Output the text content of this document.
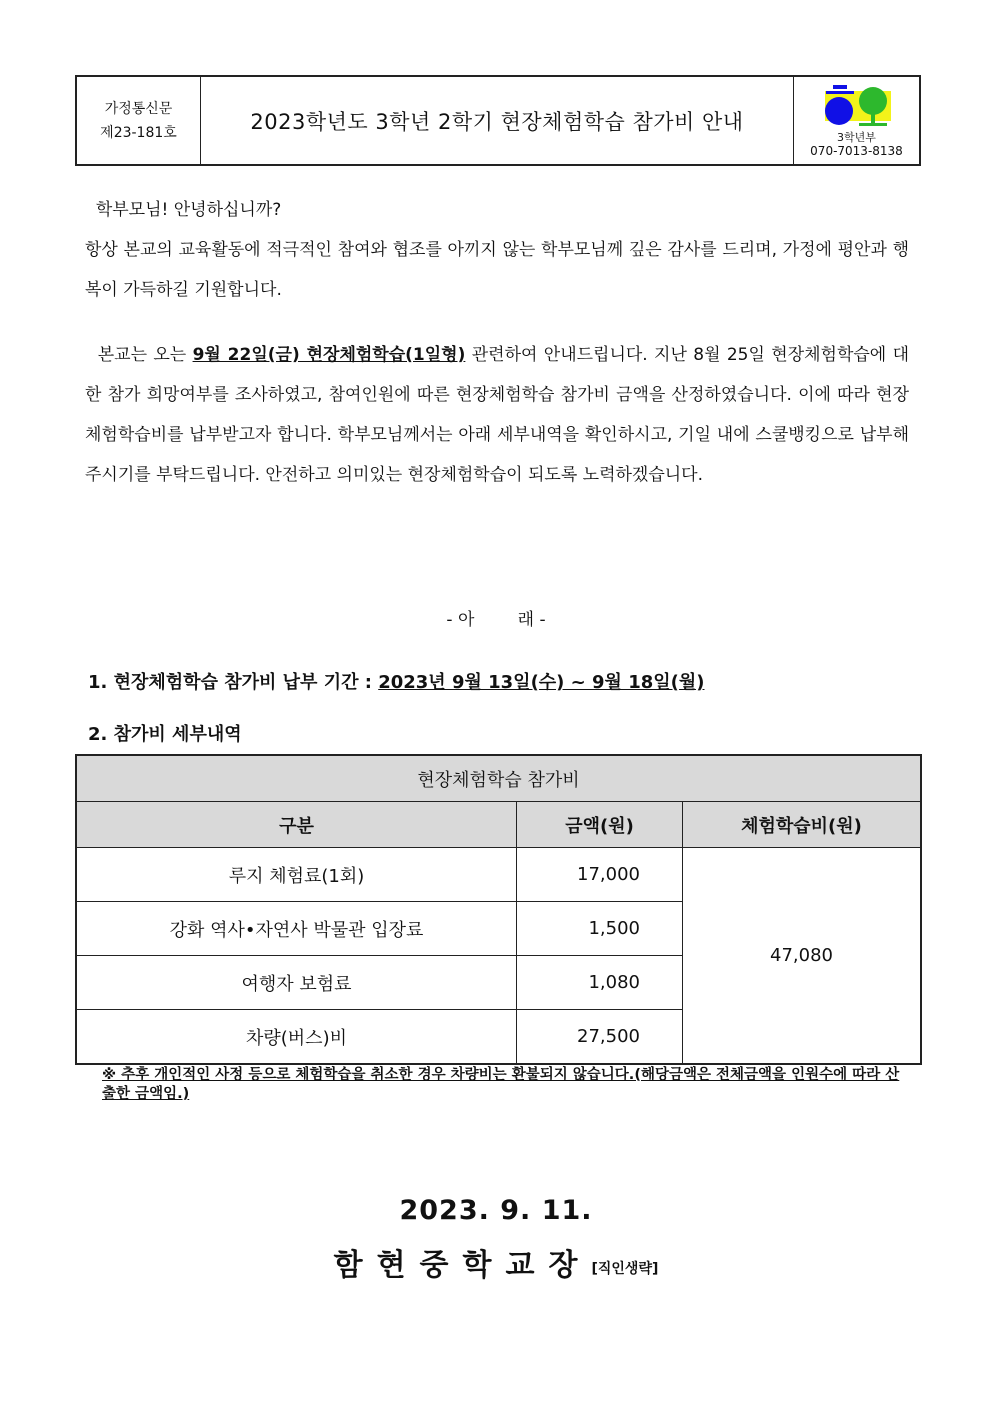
가정통신문
제23-181호	2023학년도 3학년 2학기 현장체험학습 참가비 안내
3학년부
070-7013-8138
학부모님! 안녕하십니까?
항상 본교의 교육활동에 적극적인 참여와 협조를 아끼지 않는 학부모님께 깊은 감사를 드리며, 가정에 평안과 행복이 가득하길 기원합니다.
본교는 오는 9월 22일(금) 현장체험학습(1일형) 관련하여 안내드립니다. 지난 8월 25일 현장체험학습에 대한 참가 희망여부를 조사하였고, 참여인원에 따른 현장체험학습 참가비 금액을 산정하였습니다. 이에 따라 현장체험학습비를 납부받고자 합니다. 학부모님께서는 아래 세부내역을 확인하시고, 기일 내에 스쿨뱅킹으로 납부해주시기를 부탁드립니다. 안전하고 의미있는 현장체험학습이 되도록 노력하겠습니다.
- 아        래 -
1. 현장체험학습 참가비 납부 기간 : 2023년 9월 13일(수) ~ 9월 18일(월)
2. 참가비 세부내역
현장체험학습 참가비		
구분	금액(원)	체험학습비(원)
루지 체험료(1회)	17,000	47,080
강화 역사•자연사 박물관 입장료	1,500	
여행자 보험료	1,080	
차량(버스)비	27,500	
※ 추후 개인적인 사정 등으로 체험학습을 취소한 경우 차량비는 환불되지 않습니다.(해당금액은 전체금액을 인원수에 따라 산출한 금액임.)
2023. 9. 11.
함현중학교장[직인생략]
